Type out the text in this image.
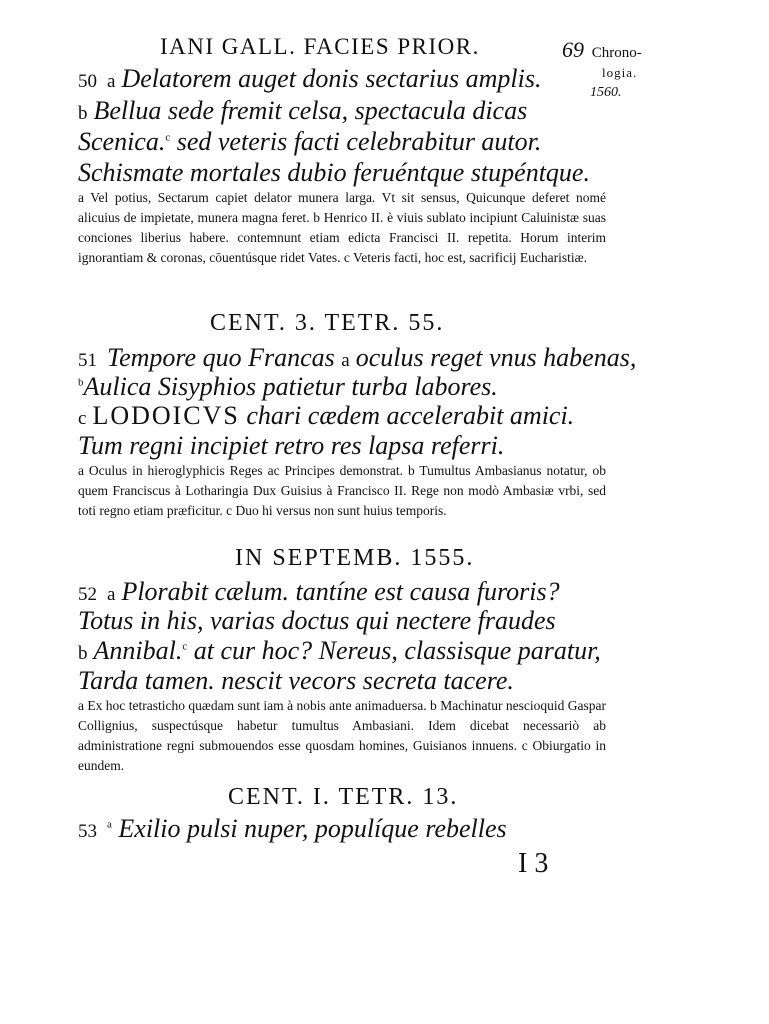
IANI GALL. FACIES PRIOR.	69 Chrono-
logia.
1560.
50 a Delatorem auget donis sectarius amplis.
b Bellua sede fremit celsa, spectacula dicas
Scenica.$^c$ sed veteris facti celebrabitur autor.
Schismate mortales dubio feruéntque stupéntque.
a Vel potius, Sectarum capiet delator munera larga. Vt sit sensus, Quicunque deferet nomé alicuius de impietate, munera magna feret. b Henrico II. è viuis sublato incipiunt Caluinistæ suas conciones liberius habere. contemnunt etiam edicta Francisci II. repetita. Horum interim ignorantiam & coronas, cōuentúsque ridet Vates. c Veteris facti, hoc est, sacrificij Eucharistiæ.
CENT. 3. TETR. 55.
51 Tempore quo Francas a oculus reget vnus habenas,
$^b$Aulica Sisyphios patietur turba labores.
c LODOICVS chari cædem accelerabit amici.
Tum regni incipiet retro res lapsa referri.
a Oculus in hieroglyphicis Reges ac Principes demonstrat. b Tumultus Ambasianus notatur, ob quem Franciscus à Lotharingia Dux Guisius à Francisco II. Rege non modò Ambasiæ vrbi, sed toti regno etiam præficitur. c Duo hi versus non sunt huius temporis.
IN SEPTEMB. 1555.
52 a Plorabit cælum. tantíne est causa furoris?
Totus in his, varias doctus qui nectere fraudes
b Annibal.$^c$ at cur hoc? Nereus, classisque paratur,
Tarda tamen. nescit vecors secreta tacere.
a Ex hoc tetrasticho quædam sunt iam à nobis ante animaduersa. b Machinatur nescioquid Gaspar Collignius, suspectúsque habetur tumultus Ambasiani. Idem dicebat necessariò ab administratione regni submouendos esse quosdam homines, Guisianos innuens. c Obiurgatio in eundem.
CENT. I. TETR. 13.
53 $^a$ Exilio pulsi nuper, populíque rebelles
I 3
